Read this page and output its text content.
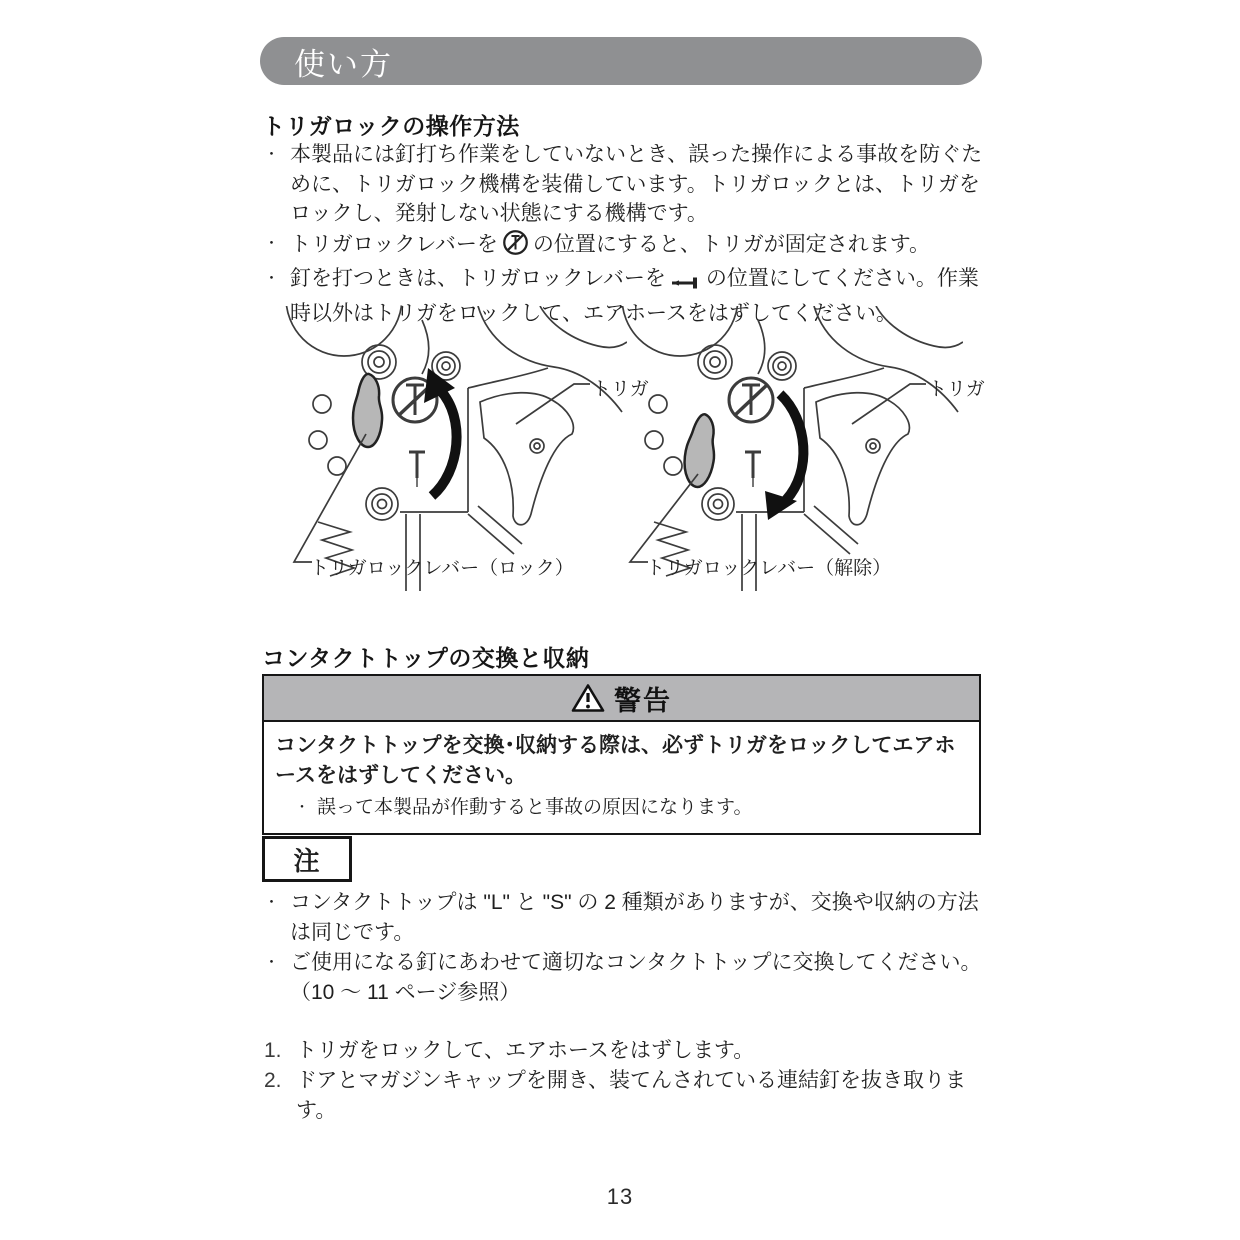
使い方
トリガロックの操作方法
・ 本製品には釘打ち作業をしていないとき、誤った操作による事故を防ぐために、トリガロック機構を装備しています。トリガロックとは、トリガをロックし、発射しない状態にする機構です。
・ トリガロックレバーを の位置にすると、トリガが固定されます。
・ 釘を打つときは、トリガロックレバーを の位置にしてください。作業時以外はトリガをロックして、エアホースをはずしてください。
トリガ
トリガロックレバー（ロック）
トリガ
トリガロックレバー（解除）
コンタクトトップの交換と収納
警告
コンタクトトップを交換･収納する際は、必ずトリガをロックしてエアホースをはずしてください。
・ 誤って本製品が作動すると事故の原因になります。
注
・ コンタクトトップは "L" と "S" の 2 種類がありますが、交換や収納の方法は同じです。
・ ご使用になる釘にあわせて適切なコンタクトトップに交換してください。
（10 ～ 11 ページ参照）
1. トリガをロックして、エアホースをはずします。
2. ドアとマガジンキャップを開き、装てんされている連結釘を抜き取ります。
13
